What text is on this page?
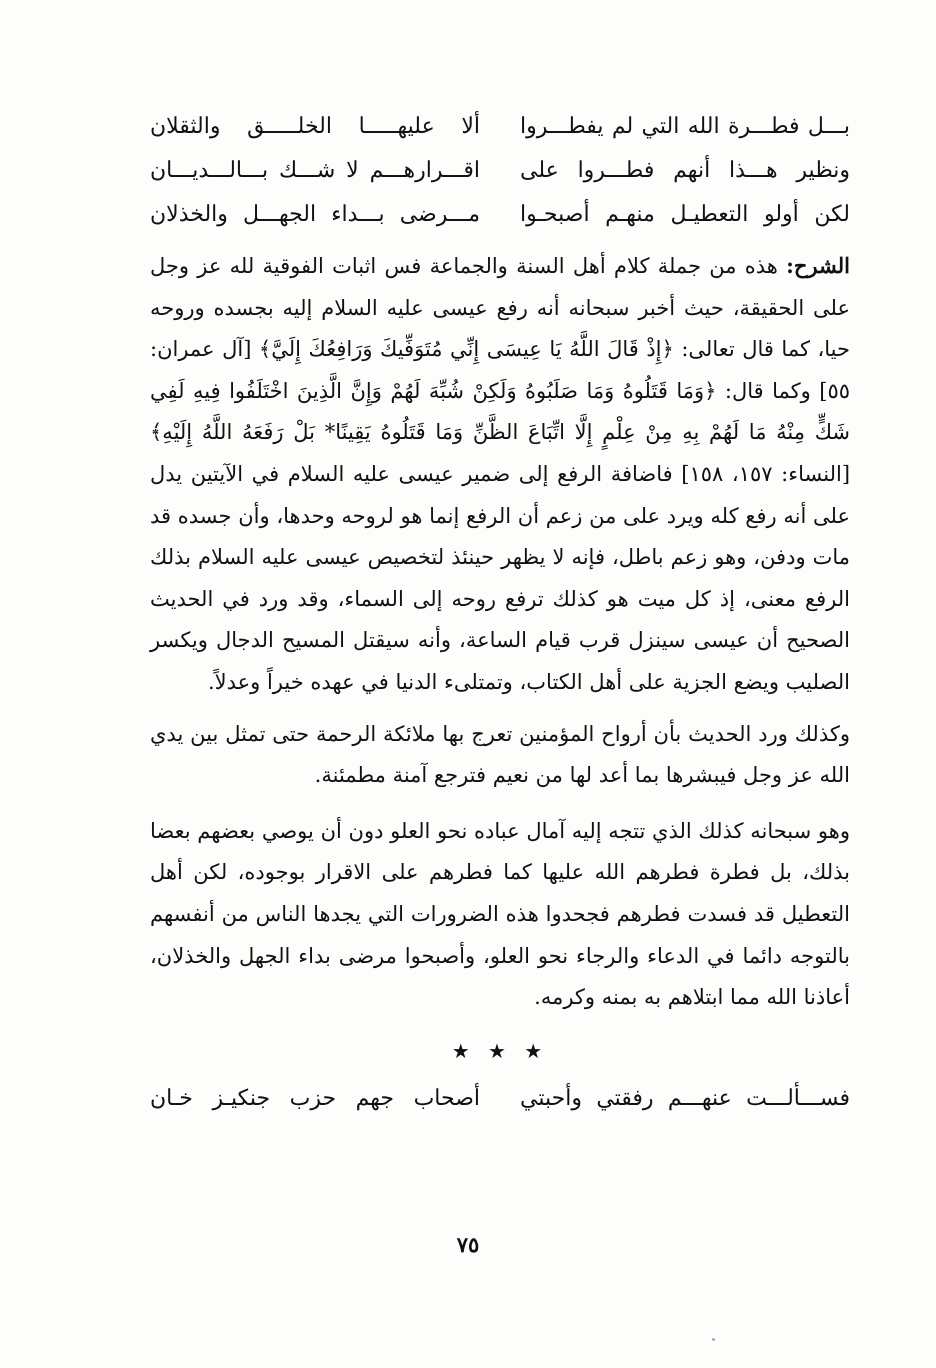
بـــل فطـــرة الله التي لم يفطـــروا
ألا عليهـــــا الخلـــــق والثقلان
ونظير هـــذا أنهم فطـــروا على
اقـــرارهـــم لا شـــك بـــالـــديـــان
لكن أولو التعطيـل منهـم أصبحـوا
مـــرضى بـــداء الجهـــل والخذلان

الشرح: هذه من جملة كلام أهل السنة والجماعة فس اثبات الفوقية لله عز وجل على الحقيقة، حيث أخبر سبحانه أنه رفع عيسى عليه السلام إليه بجسده وروحه حيا، كما قال تعالى: ﴿إِذْ قَالَ اللَّهُ يَا عِيسَى إِنِّي مُتَوَفِّيكَ وَرَافِعُكَ إِلَيَّ﴾ [آل عمران: ٥٥] وكما قال: ﴿وَمَا قَتَلُوهُ وَمَا صَلَبُوهُ وَلَكِنْ شُبِّهَ لَهُمْ وَإِنَّ الَّذِينَ اخْتَلَفُوا فِيهِ لَفِي شَكٍّ مِنْهُ مَا لَهُمْ بِهِ مِنْ عِلْمٍ إِلَّا اتِّبَاعَ الظَّنِّ وَمَا قَتَلُوهُ يَقِينًا* بَلْ رَفَعَهُ اللَّهُ إِلَيْهِ﴾ [النساء: ١٥٧، ١٥٨] فاضافة الرفع إلى ضمير عيسى عليه السلام في الآيتين يدل على أنه رفع كله ويرد على من زعم أن الرفع إنما هو لروحه وحدها، وأن جسده قد مات ودفن، وهو زعم باطل، فإنه لا يظهر حينئذ لتخصيص عيسى عليه السلام بذلك الرفع معنى، إذ كل ميت هو كذلك ترفع روحه إلى السماء، وقد ورد في الحديث الصحيح أن عيسى سينزل قرب قيام الساعة، وأنه سيقتل المسيح الدجال ويكسر الصليب ويضع الجزية على أهل الكتاب، وتمتلىء الدنيا في عهده خيراً وعدلاً.

وكذلك ورد الحديث بأن أرواح المؤمنين تعرج بها ملائكة الرحمة حتى تمثل بين يدي الله عز وجل فيبشرها بما أعد لها من نعيم فترجع آمنة مطمئنة.

وهو سبحانه كذلك الذي تتجه إليه آمال عباده نحو العلو دون أن يوصي بعضهم بعضا بذلك، بل فطرة فطرهم الله عليها كما فطرهم على الاقرار بوجوده، لكن أهل التعطيل قد فسدت فطرهم فجحدوا هذه الضرورات التي يجدها الناس من أنفسهم بالتوجه دائما في الدعاء والرجاء نحو العلو، وأصبحوا مرضى بداء الجهل والخذلان، أعاذنا الله مما ابتلاهم به بمنه وكرمه.

★ ★ ★
فســـألـــت عنهـــم رفقتي وأحبتي
أصحاب جهم حزب جنكيـز خـان
٧٥
